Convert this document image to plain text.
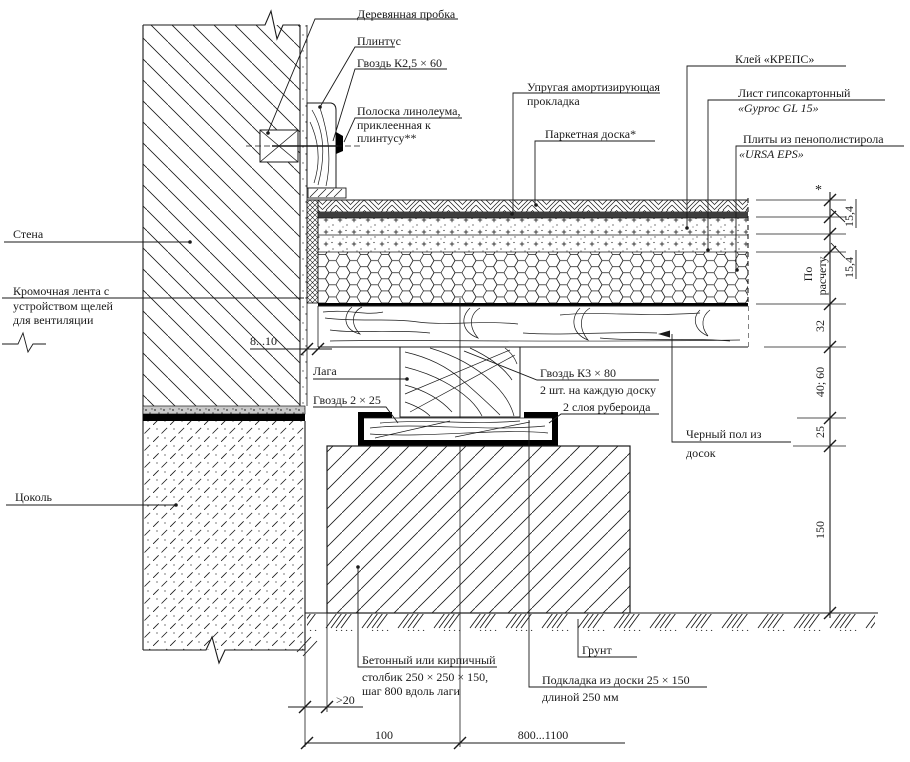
Деревянная пробка
Плинтус
Гвоздь К2,5 × 60
Полоска линолеума,
приклеенная к
плинтусу**
Упругая амортизирующая
прокладка
Паркетная доска*
Клей «КРЕПС»
Лист гипсокартонный
«Gyproc GL 15»
Плиты из пенополистирола
«URSA EPS»
Стена
Кромочная лента с
устройством щелей
для вентиляции
8...10
Лага
Гвоздь 2 × 25
Гвоздь К3 × 80
2 шт. на каждую доску
2 слоя рубероида
Черный пол из
досок
Цоколь
Бетонный или кирпичный
столбик 250 × 250 × 150,
шаг 800 вдоль лаги
Подкладка из доски 25 × 150
длиной 250 мм
Грунт
>20
100	800...1100
*
15,4
15,4
По расчету
32
40; 60
25
150
